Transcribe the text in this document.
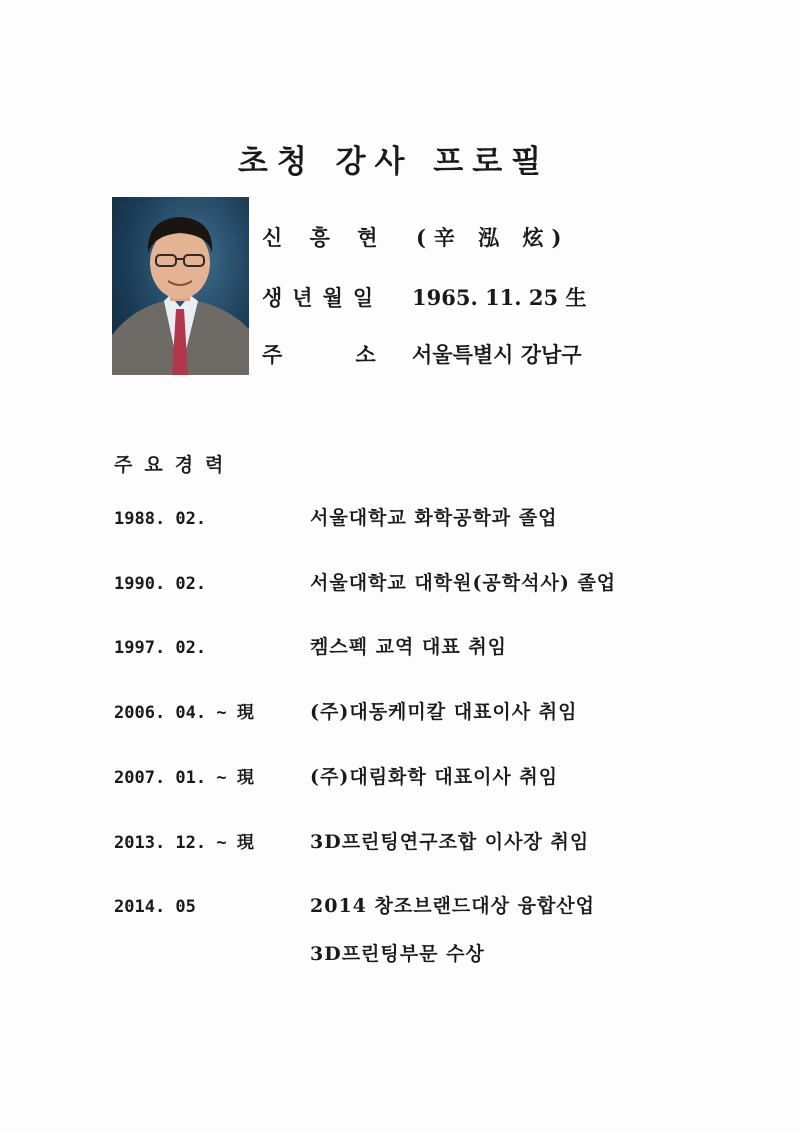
초청 강사 프로필
신 흥 현 (辛 泓 炫)
생년월일 1965. 11. 25 生
주          소 서울특별시 강남구
주요경력
1988. 02.	서울대학교 화학공학과 졸업
1990. 02.	서울대학교 대학원(공학석사) 졸업
1997. 02.	켐스펙 교역 대표 취임
2006. 04. ~ 現	(주)대동케미칼 대표이사 취임
2007. 01. ~ 現	(주)대림화학 대표이사 취임
2013. 12. ~ 現	3D프린팅연구조합 이사장 취임
2014. 05	2014 창조브랜드대상 융합산업
3D프린팅부문 수상
